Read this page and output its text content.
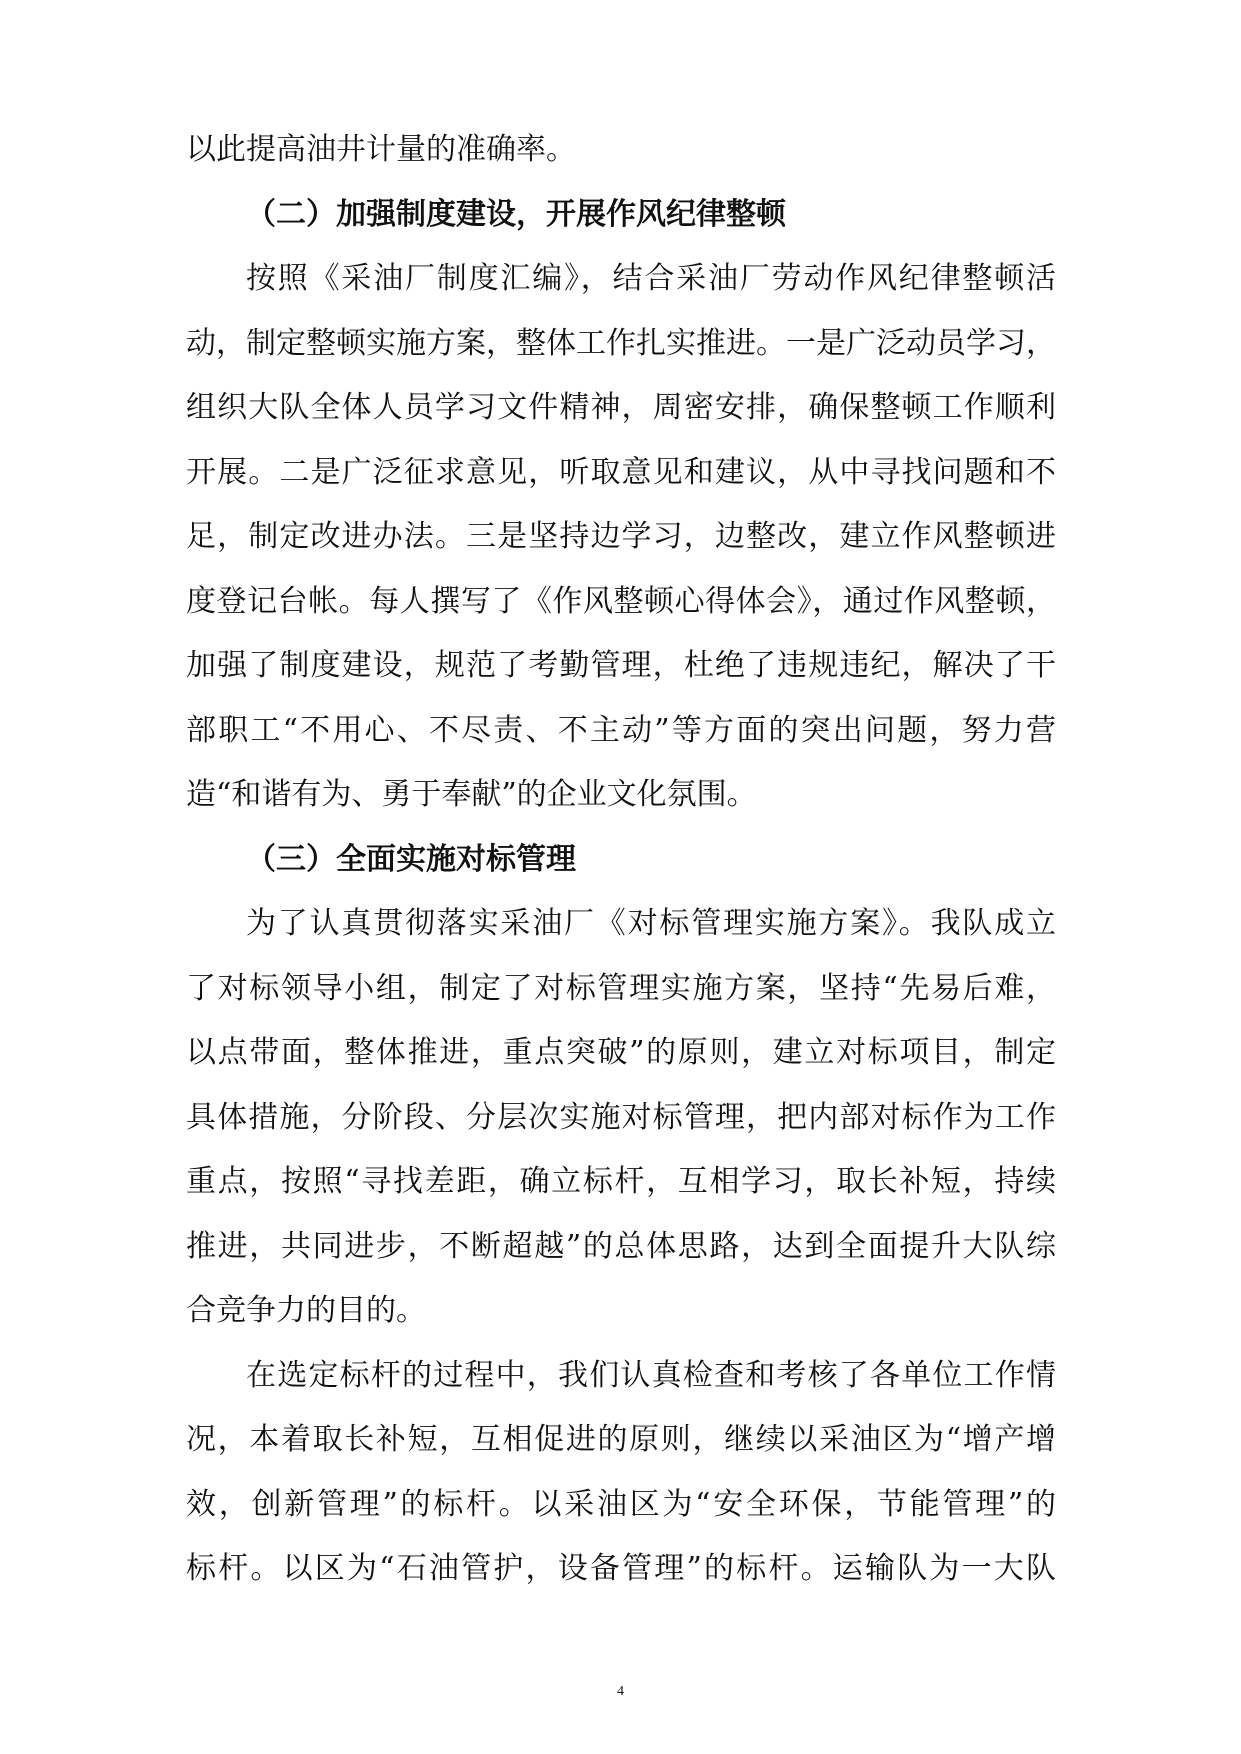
以此提高油井计量的准确率。
（二）加强制度建设，开展作风纪律整顿
按照《采油厂制度汇编》，结合采油厂劳动作风纪律整顿活
动，制定整顿实施方案，整体工作扎实推进。一是广泛动员学习，
组织大队全体人员学习文件精神，周密安排，确保整顿工作顺利
开展。二是广泛征求意见，听取意见和建议，从中寻找问题和不
足，制定改进办法。三是坚持边学习，边整改，建立作风整顿进
度登记台帐。每人撰写了《作风整顿心得体会》，通过作风整顿，
加强了制度建设，规范了考勤管理，杜绝了违规违纪，解决了干
部职工“不用心、不尽责、不主动”等方面的突出问题，努力营
造“和谐有为、勇于奉献”的企业文化氛围。
（三）全面实施对标管理
为了认真贯彻落实采油厂《对标管理实施方案》。我队成立
了对标领导小组，制定了对标管理实施方案，坚持“先易后难，
以点带面，整体推进，重点突破”的原则，建立对标项目，制定
具体措施，分阶段、分层次实施对标管理，把内部对标作为工作
重点，按照“寻找差距，确立标杆，互相学习，取长补短，持续
推进，共同进步，不断超越”的总体思路，达到全面提升大队综
合竞争力的目的。
在选定标杆的过程中，我们认真检查和考核了各单位工作情
况，本着取长补短，互相促进的原则，继续以采油区为“增产增
效，创新管理”的标杆。以采油区为“安全环保，节能管理”的
标杆。以区为“石油管护，设备管理”的标杆。运输队为一大队
4
